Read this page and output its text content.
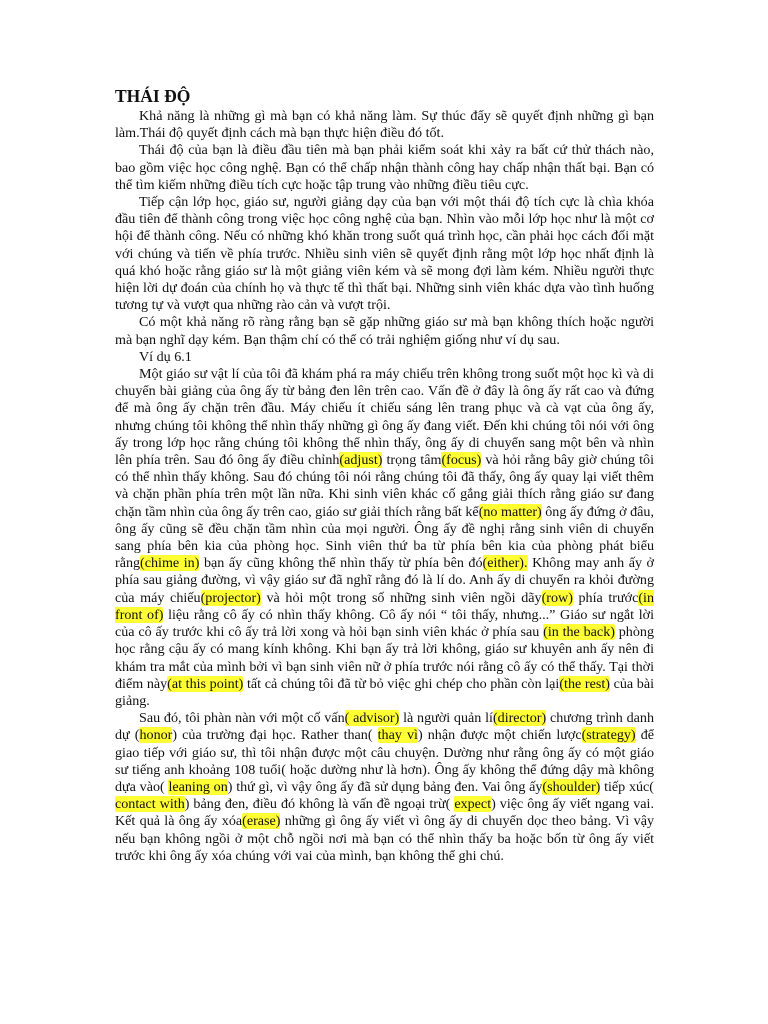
THÁI ĐỘ

Khả năng là những gì mà bạn có khả năng làm. Sự thúc đẩy sẽ quyết định những gì bạn làm.Thái độ quyết định cách mà bạn thực hiện điều đó tốt.

Thái độ của bạn là điều đầu tiên mà bạn phải kiểm soát khi xảy ra bất cứ thử thách nào, bao gồm việc học công nghệ. Bạn có thể chấp nhận thành công hay chấp nhận thất bại. Bạn có thể tìm kiếm những điều tích cực hoặc tập trung vào những điều tiêu cực.

Tiếp cận lớp học, giáo sư, người giảng dạy của bạn với một thái độ tích cực là chìa khóa đầu tiên để thành công trong việc học công nghệ của bạn. Nhìn vào mỗi lớp học như là một cơ hội để thành công. Nếu có những khó khăn trong suốt quá trình học, cần phải học cách đối mặt với chúng và tiến về phía trước. Nhiều sinh viên sẽ quyết định rằng một lớp học nhất định là quá khó hoặc rằng giáo sư là một giảng viên kém và sẽ mong đợi làm kém. Nhiều người thực hiện lời dự đoán của chính họ và thực tế thì thất bại. Những sinh viên khác dựa vào tình huống tương tự và vượt qua những rào cản và vượt trội.

Có một khả năng rõ ràng rằng bạn sẽ gặp những giáo sư mà bạn không thích hoặc người mà bạn nghĩ dạy kém. Bạn thậm chí có thể có trải nghiệm giống như ví dụ sau.

Ví dụ 6.1

Một giáo sư vật lí của tôi đã khám phá ra máy chiếu trên không trong suốt một học kì và di chuyển bài giảng của ông ấy từ bảng đen lên trên cao. Vấn đề ở đây là ông ấy rất cao và đứng để mà ông ấy chặn trên đầu. Máy chiếu ít chiếu sáng lên trang phục và cà vạt của ông ấy, nhưng chúng tôi không thể nhìn thấy những gì ông ấy đang viết. Đến khi chúng tôi nói với ông ấy trong lớp học rằng chúng tôi không thể nhìn thấy, ông ấy di chuyển sang một bên và nhìn lên phía trên. Sau đó ông ấy điều chỉnh(adjust) trọng tâm(focus) và hỏi rằng bây giờ chúng tôi có thể nhìn thấy không. Sau đó chúng tôi nói rằng chúng tôi đã thấy, ông ấy quay lại viết thêm và chặn phần phía trên một lần nữa. Khi sinh viên khác cố gắng giải thích rằng giáo sư đang chặn tầm nhìn của ông ấy trên cao, giáo sư giải thích rằng bất kể(no matter) ông ấy đứng ở đâu, ông ấy cũng sẽ đều chặn tầm nhìn của mọi người. Ông ấy đề nghị rằng sinh viên di chuyển sang phía bên kia của phòng học. Sinh viên thứ ba từ phía bên kia của phòng phát biểu rằng(chime in) bạn ấy cũng không thể nhìn thấy từ phía bên đó(either). Không may anh ấy ở phía sau giảng đường, vì vậy giáo sư đã nghĩ rằng đó là lí do. Anh ấy di chuyển ra khỏi đường của máy chiếu(projector) và hỏi một trong số những sinh viên ngồi dãy(row) phía trước(in front of) liệu rằng cô ấy có nhìn thấy không. Cô ấy nói “ tôi thấy, nhưng...” Giáo sư ngắt lời của cô ấy trước khi cô ấy trả lời xong và hỏi bạn sinh viên khác ở phía sau (in the back) phòng học rằng cậu ấy có mang kính không. Khi bạn ấy trả lời không, giáo sư khuyên anh ấy nên đi khám tra mắt của mình bởi vì bạn sinh viên nữ ở phía trước nói rằng cô ấy có thể thấy. Tại thời điểm này(at this point) tất cả chúng tôi đã từ bỏ việc ghi chép cho phần còn lại(the rest) của bài giảng.

Sau đó, tôi phàn nàn với một cố vấn( advisor) là người quản lí(director) chương trình danh dự (honor) của trường đại học. Rather than( thay vì) nhận được một chiến lược(strategy) để giao tiếp với giáo sư, thì tôi nhận được một câu chuyện. Dường như rằng ông ấy có một giáo sư tiếng anh khoảng 108 tuổi( hoặc dường như là hơn). Ông ấy không thể đứng dậy mà không dựa vào( leaning on) thứ gì, vì vậy ông ấy đã sử dụng bảng đen. Vai ông ấy(shoulder) tiếp xúc( contact with) bảng đen, điều đó không là vấn đề ngoại trừ( expect) việc ông ấy viết ngang vai. Kết quả là ông ấy xóa(erase) những gì ông ấy viết vì ông ấy di chuyển dọc theo bảng. Vì vậy nếu bạn không ngồi ở một chỗ ngồi nơi mà bạn có thể nhìn thấy ba hoặc bốn từ ông ấy viết trước khi ông ấy xóa chúng với vai của mình, bạn không thể ghi chú.
